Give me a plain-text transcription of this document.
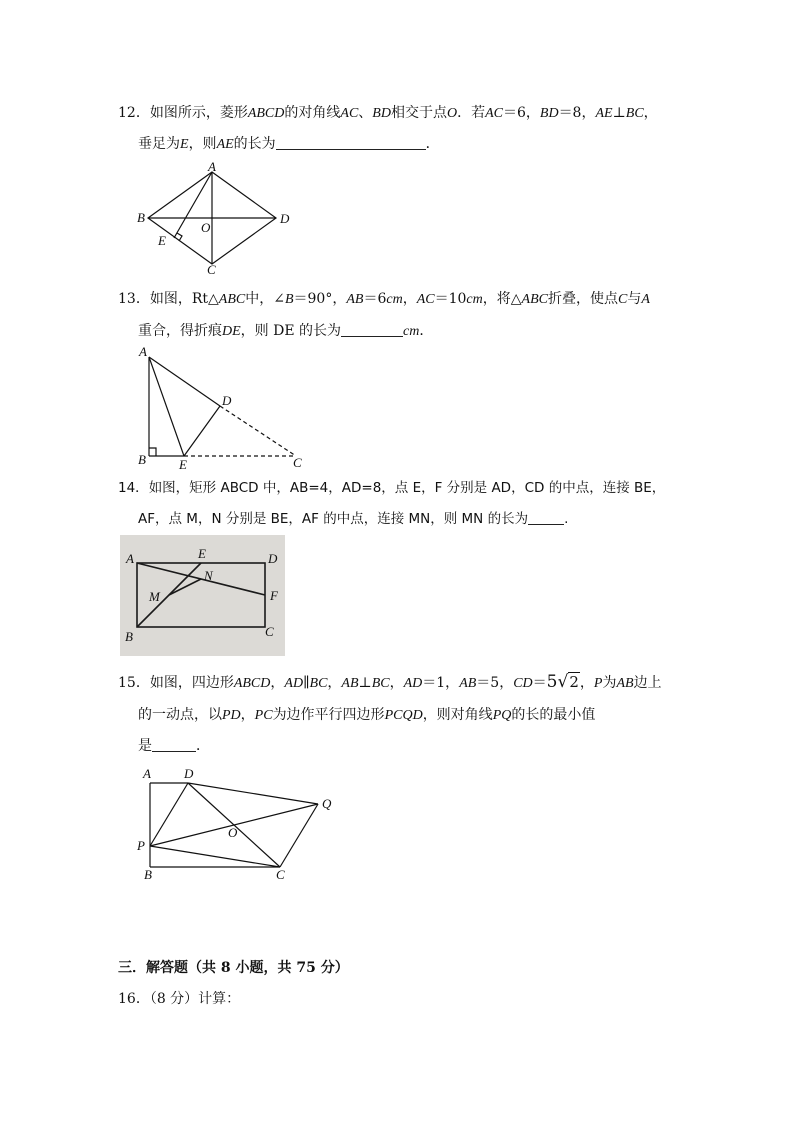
12．如图所示，菱形ABCD的对角线AC、BD相交于点O．若AC＝6，BD＝8，AE⊥BC，
垂足为E，则AE的长为	．
A
B
C
D
E
O
13．如图，Rt△ABC中，∠B＝90°，AB＝6cm，AC＝10cm，将△ABC折叠，使点C与A
重合，得折痕DE，则 DE 的长为	cm．
A
B	E
D
C
14．如图，矩形 ABCD 中，AB=4，AD=8，点 E，F 分别是 AD，CD 的中点，连接 BE，
AF，点 M，N 分别是 BE，AF 的中点，连接 MN，则 MN 的长为	.
A
B	C
D
E
F
M
N
15．如图，四边形ABCD，AD∥BC，AB⊥BC，AD＝1，AB＝5，CD＝5√2，P为AB边上
的一动点，以PD，PC为边作平行四边形PCQD，则对角线PQ的长的最小值
是	．
A	D
Q
O
P
B	C
三．解答题（共 8 小题，共 75 分）
16．（8 分）计算：
